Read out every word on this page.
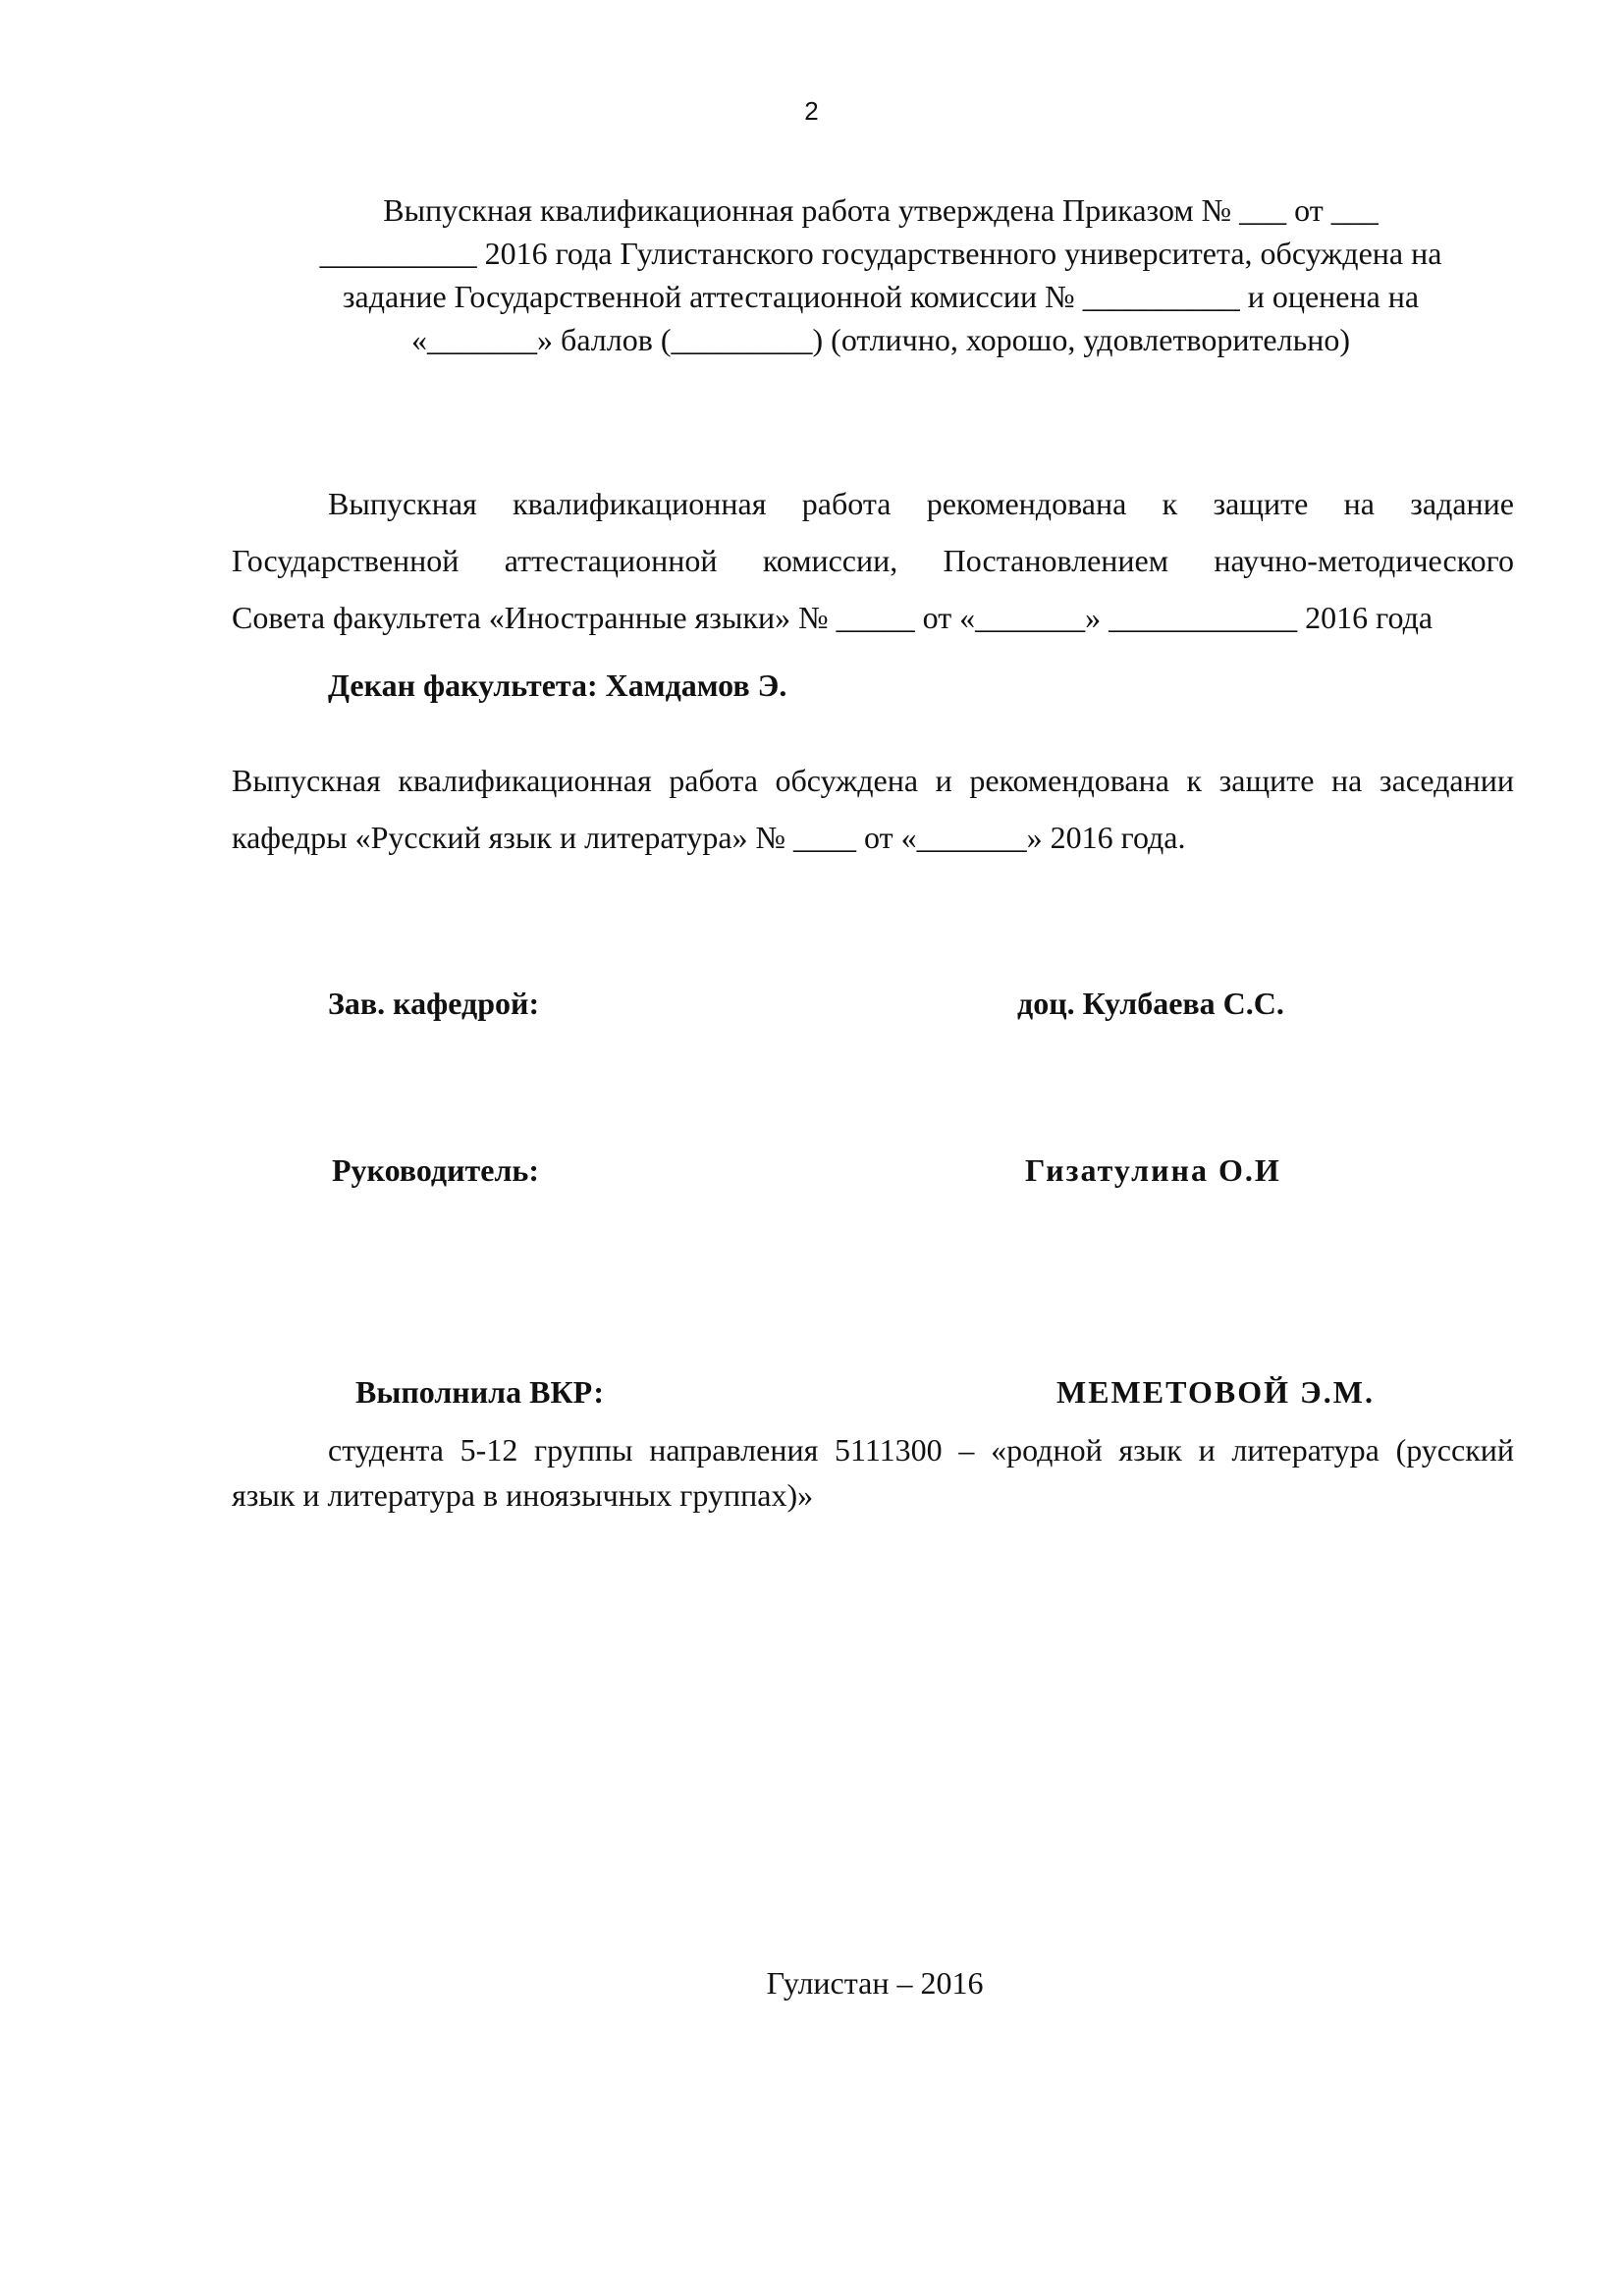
2
Выпускная квалификационная работа утверждена Приказом № ___ от ___
__________ 2016 года Гулистанского государственного университета, обсуждена на
задание Государственной аттестационной комиссии № __________ и оценена на
«_______» баллов (_________) (отлично, хорошо, удовлетворительно)
Выпускная квалификационная работа рекомендована к защите на задание
Государственной аттестационной комиссии, Постановлением научно-методического
Совета факультета «Иностранные языки» № _____ от «_______» ____________ 2016 года
Декан факультета: Хамдамов Э.
Выпускная квалификационная работа обсуждена и рекомендована к защите на заседании
кафедры «Русский язык и литература» № ____ от «_______» 2016 года.
Зав. кафедрой:	доц. Кулбаева С.С.
Руководитель:	Гизатулина О.И
Выполнила ВКР:	МЕМЕТОВОЙ Э.М.
студента 5-12 группы направления 5111300 – «родной язык и литература (русский
язык и литература в иноязычных группах)»
Гулистан – 2016
